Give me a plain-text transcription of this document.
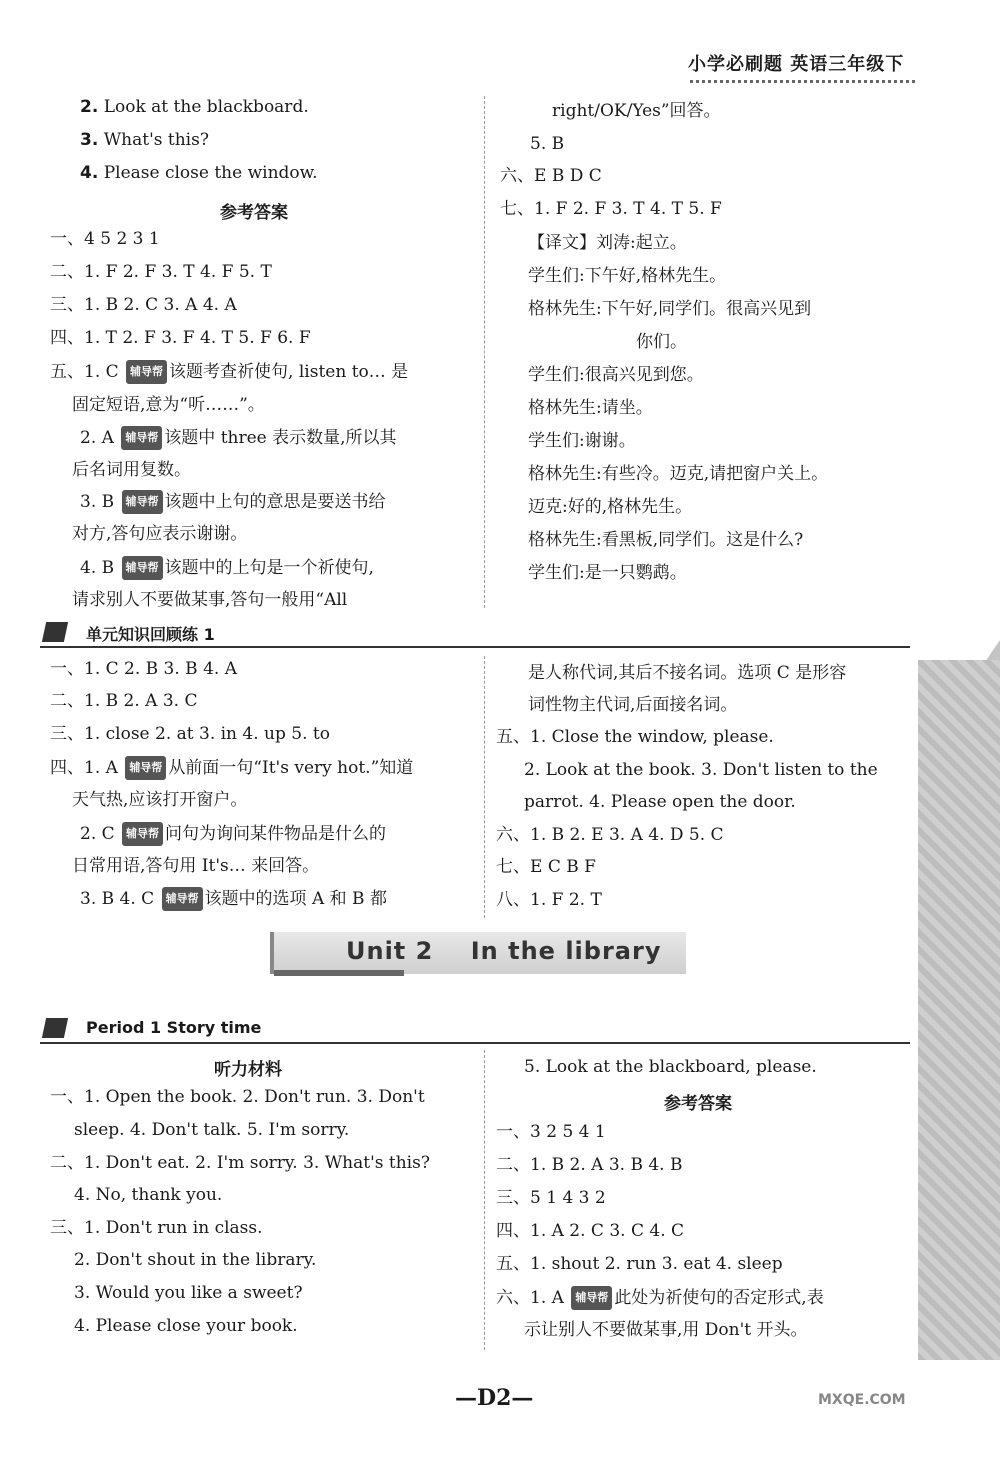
小学必刷题 英语三年级下
2. Look at the blackboard.
3. What's this?
4. Please close the window.
参考答案
一、4 5 2 3 1
二、1. F 2. F 3. T 4. F 5. T
三、1. B 2. C 3. A 4. A
四、1. T 2. F 3. F 4. T 5. F 6. F
五、1. C 辅导帮 该题考查祈使句, listen to… 是
固定短语,意为“听……”。
2. A 辅导帮 该题中 three 表示数量,所以其
后名词用复数。
3. B 辅导帮 该题中上句的意思是要送书给
对方,答句应表示谢谢。
4. B 辅导帮 该题中的上句是一个祈使句,
请求别人不要做某事,答句一般用“All
right/OK/Yes”回答。
5. B
六、E B D C
七、1. F 2. F 3. T 4. T 5. F
【译文】刘涛:起立。
学生们:下午好,格林先生。
格林先生:下午好,同学们。很高兴见到
你们。
学生们:很高兴见到您。
格林先生:请坐。
学生们:谢谢。
格林先生:有些冷。迈克,请把窗户关上。
迈克:好的,格林先生。
格林先生:看黑板,同学们。这是什么?
学生们:是一只鹦鹉。
单元知识回顾练 1
一、1. C 2. B 3. B 4. A
二、1. B 2. A 3. C
三、1. close 2. at 3. in 4. up 5. to
四、1. A 辅导帮 从前面一句“It's very hot.”知道
天气热,应该打开窗户。
2. C 辅导帮 问句为询问某件物品是什么的
日常用语,答句用 It's… 来回答。
3. B 4. C 辅导帮 该题中的选项 A 和 B 都
是人称代词,其后不接名词。选项 C 是形容
词性物主代词,后面接名词。
五、1. Close the window, please.
2. Look at the book. 3. Don't listen to the
parrot. 4. Please open the door.
六、1. B 2. E 3. A 4. D 5. C
七、E C B F
八、1. F 2. T
Unit 2    In the library
Period 1 Story time
听力材料
一、1. Open the book. 2. Don't run. 3. Don't
sleep. 4. Don't talk. 5. I'm sorry.
二、1. Don't eat. 2. I'm sorry. 3. What's this?
4. No, thank you.
三、1. Don't run in class.
2. Don't shout in the library.
3. Would you like a sweet?
4. Please close your book.
5. Look at the blackboard, please.
参考答案
一、3 2 5 4 1
二、1. B 2. A 3. B 4. B
三、5 1 4 3 2
四、1. A 2. C 3. C 4. C
五、1. shout 2. run 3. eat 4. sleep
六、1. A 辅导帮 此处为祈使句的否定形式,表
示让别人不要做某事,用 Don't 开头。
—D2—	MXQE.COM
